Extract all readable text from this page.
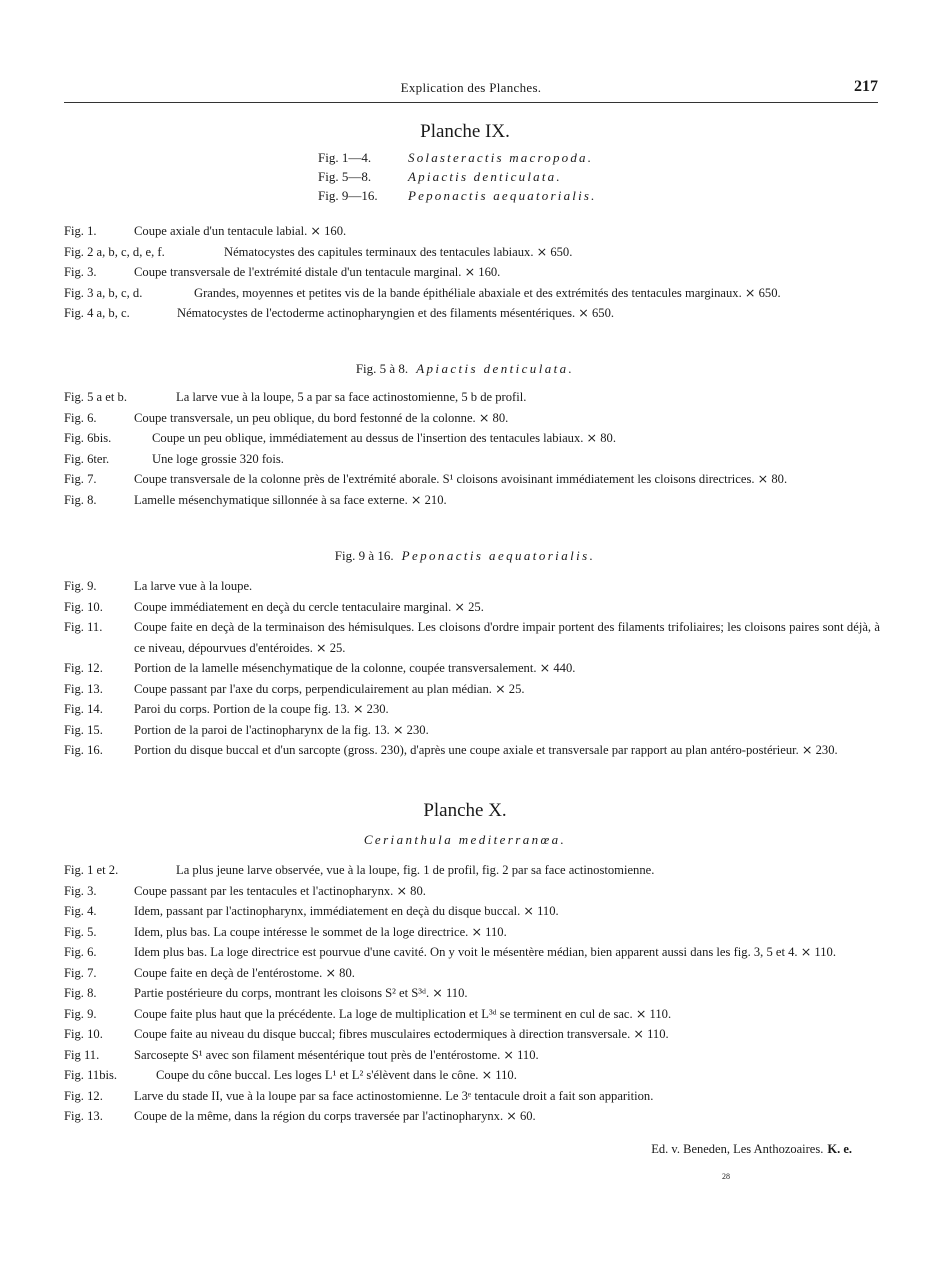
Explication des Planches.	217
Planche IX.
Fig. 1—4.	Solasteractis macropoda.
Fig. 5—8.	Apiactis denticulata.
Fig. 9—16. Peponactis aequatorialis.
Fig. 1.	Coupe axiale d'un tentacule labial. ⨯ 160.
Fig. 2 a, b, c, d, e, f.	Nématocystes des capitules terminaux des tentacules labiaux. ⨯ 650.
Fig. 3.	Coupe transversale de l'extrémité distale d'un tentacule marginal. ⨯ 160.
Fig. 3 a, b, c, d.	Grandes, moyennes et petites vis de la bande épithéliale abaxiale et des extrémités des tentacules marginaux. ⨯ 650.
Fig. 4 a, b, c.	Nématocystes de l'ectoderme actinopharyngien et des filaments mésentériques. ⨯ 650.
Fig. 5 à 8. Apiactis denticulata.
Fig. 5 a et b.	La larve vue à la loupe, 5 a par sa face actinostomienne, 5 b de profil.
Fig. 6.	Coupe transversale, un peu oblique, du bord festonné de la colonne. ⨯ 80.
Fig. 6bis.	Coupe un peu oblique, immédiatement au dessus de l'insertion des tentacules labiaux. ⨯ 80.
Fig. 6ter.	Une loge grossie 320 fois.
Fig. 7.	Coupe transversale de la colonne près de l'extrémité aborale. S¹ cloisons avoisinant immédiatement les cloisons directrices. ⨯ 80.
Fig. 8.	Lamelle mésenchymatique sillonnée à sa face externe. ⨯ 210.
Fig. 9 à 16. Peponactis aequatorialis.
Fig. 9.	La larve vue à la loupe.
Fig. 10. Coupe immédiatement en deçà du cercle tentaculaire marginal. ⨯ 25.
Fig. 11.	Coupe faite en deçà de la terminaison des hémisulques. Les cloisons d'ordre impair portent des filaments trifoliaires; les cloisons paires sont déjà, à ce niveau, dépourvues d'entéroides. ⨯ 25.
Fig. 12. Portion de la lamelle mésenchymatique de la colonne, coupée transversalement. ⨯ 440.
Fig. 13. Coupe passant par l'axe du corps, perpendiculairement au plan médian. ⨯ 25.
Fig. 14. Paroi du corps. Portion de la coupe fig. 13. ⨯ 230.
Fig. 15. Portion de la paroi de l'actinopharynx de la fig. 13. ⨯ 230.
Fig. 16. Portion du disque buccal et d'un sarcopte (gross. 230), d'après une coupe axiale et transversale par rapport au plan antéro-postérieur. ⨯ 230.
Planche X.
Cerianthula mediterranœa.
Fig. 1 et 2.	La plus jeune larve observée, vue à la loupe, fig. 1 de profil, fig. 2 par sa face actinostomienne.
Fig. 3.	Coupe passant par les tentacules et l'actinopharynx. ⨯ 80.
Fig. 4.	Idem, passant par l'actinopharynx, immédiatement en deçà du disque buccal. ⨯ 110.
Fig. 5.	Idem, plus bas. La coupe intéresse le sommet de la loge directrice. ⨯ 110.
Fig. 6.	Idem plus bas. La loge directrice est pourvue d'une cavité. On y voit le mésentère médian, bien apparent aussi dans les fig. 3, 5 et 4. ⨯ 110.
Fig. 7.	Coupe faite en deçà de l'entérostome. ⨯ 80.
Fig. 8.	Partie postérieure du corps, montrant les cloisons S² et S³ᵈ. ⨯ 110.
Fig. 9.	Coupe faite plus haut que la précédente. La loge de multiplication et L³ᵈ se terminent en cul de sac. ⨯ 110.
Fig. 10. Coupe faite au niveau du disque buccal; fibres musculaires ectodermiques à direction transversale. ⨯ 110.
Fig 11.	Sarcosepte S¹ avec son filament mésentérique tout près de l'entérostome. ⨯ 110.
Fig. 11bis.	Coupe du cône buccal. Les loges L¹ et L² s'élèvent dans le cône. ⨯ 110.
Fig. 12. Larve du stade II, vue à la loupe par sa face actinostomienne. Le 3ᵉ tentacule droit a fait son apparition.
Fig. 13. Coupe de la même, dans la région du corps traversée par l'actinopharynx. ⨯ 60.
Ed. v. Beneden, Les Anthozoaires. K. e.
28
